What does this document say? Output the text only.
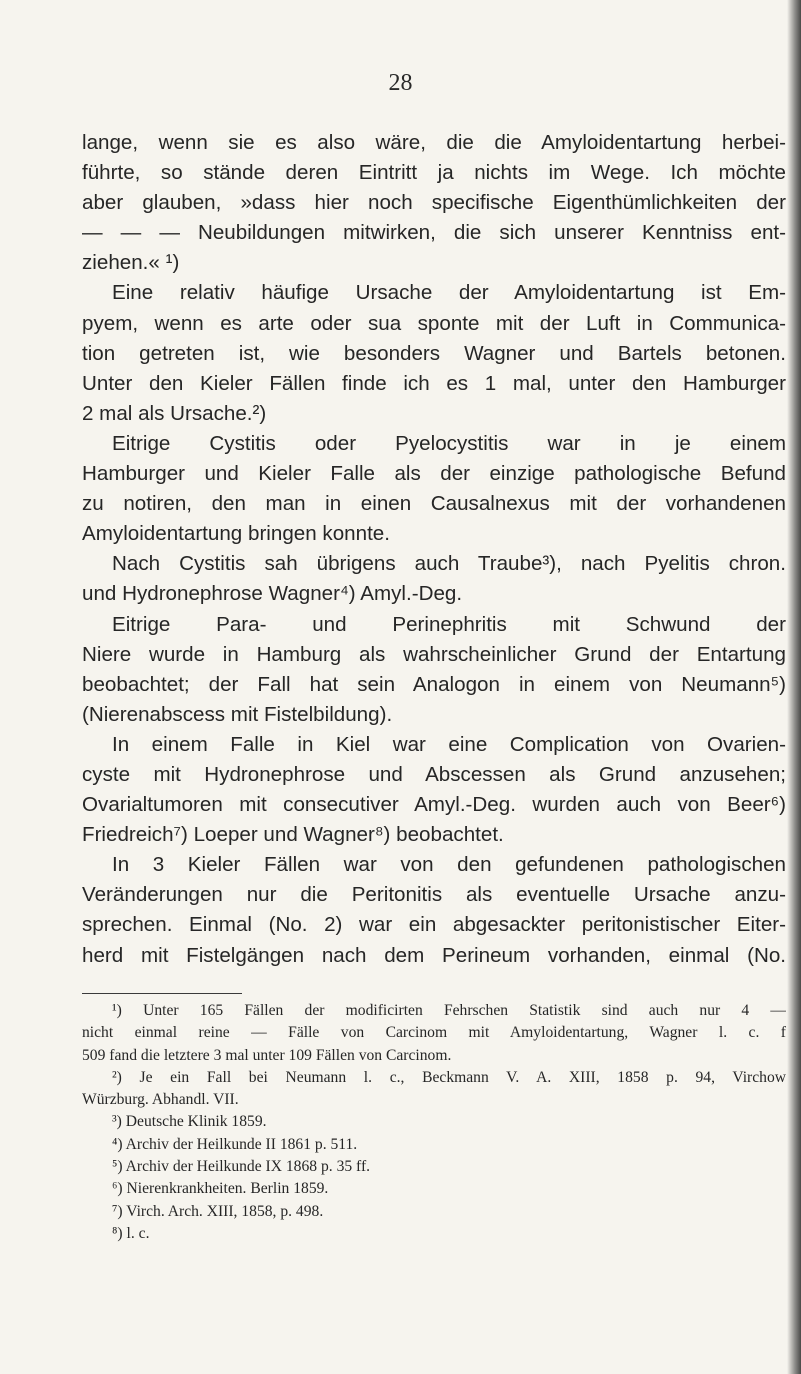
28
lange, wenn sie es also wäre, die die Amyloidentartung herbei-
führte, so stände deren Eintritt ja nichts im Wege. Ich möchte
aber glauben, »dass hier noch specifische Eigenthümlichkeiten der
— — — Neubildungen mitwirken, die sich unserer Kenntniss ent-
ziehen.« ¹)
Eine relativ häufige Ursache der Amyloidentartung ist Em-
pyem, wenn es arte oder sua sponte mit der Luft in Communica-
tion getreten ist, wie besonders Wagner und Bartels betonen.
Unter den Kieler Fällen finde ich es 1 mal, unter den Hamburger
2 mal als Ursache.²)
Eitrige Cystitis oder Pyelocystitis war in je einem
Hamburger und Kieler Falle als der einzige pathologische Befund
zu notiren, den man in einen Causalnexus mit der vorhandenen
Amyloidentartung bringen konnte.
Nach Cystitis sah übrigens auch Traube³), nach Pyelitis chron.
und Hydronephrose Wagner⁴) Amyl.-Deg.
Eitrige Para- und Perinephritis mit Schwund der
Niere wurde in Hamburg als wahrscheinlicher Grund der Entartung
beobachtet; der Fall hat sein Analogon in einem von Neumann⁵)
(Nierenabscess mit Fistelbildung).
In einem Falle in Kiel war eine Complication von Ovarien-
cyste mit Hydronephrose und Abscessen als Grund anzusehen;
Ovarialtumoren mit consecutiver Amyl.-Deg. wurden auch von Beer⁶)
Friedreich⁷) Loeper und Wagner⁸) beobachtet.
In 3 Kieler Fällen war von den gefundenen pathologischen
Veränderungen nur die Peritonitis als eventuelle Ursache anzu-
sprechen. Einmal (No. 2) war ein abgesackter peritonistischer Eiter-
herd mit Fistelgängen nach dem Perineum vorhanden, einmal (No.
¹) Unter 165 Fällen der modificirten Fehrschen Statistik sind auch nur 4 —
nicht einmal reine — Fälle von Carcinom mit Amyloidentartung, Wagner l. c. f
509 fand die letztere 3 mal unter 109 Fällen von Carcinom.
²) Je ein Fall bei Neumann l. c., Beckmann V. A. XIII, 1858 p. 94, Virchow
Würzburg. Abhandl. VII.
³) Deutsche Klinik 1859.
⁴) Archiv der Heilkunde II 1861 p. 511.
⁵) Archiv der Heilkunde IX 1868 p. 35 ff.
⁶) Nierenkrankheiten. Berlin 1859.
⁷) Virch. Arch. XIII, 1858, p. 498.
⁸) l. c.
